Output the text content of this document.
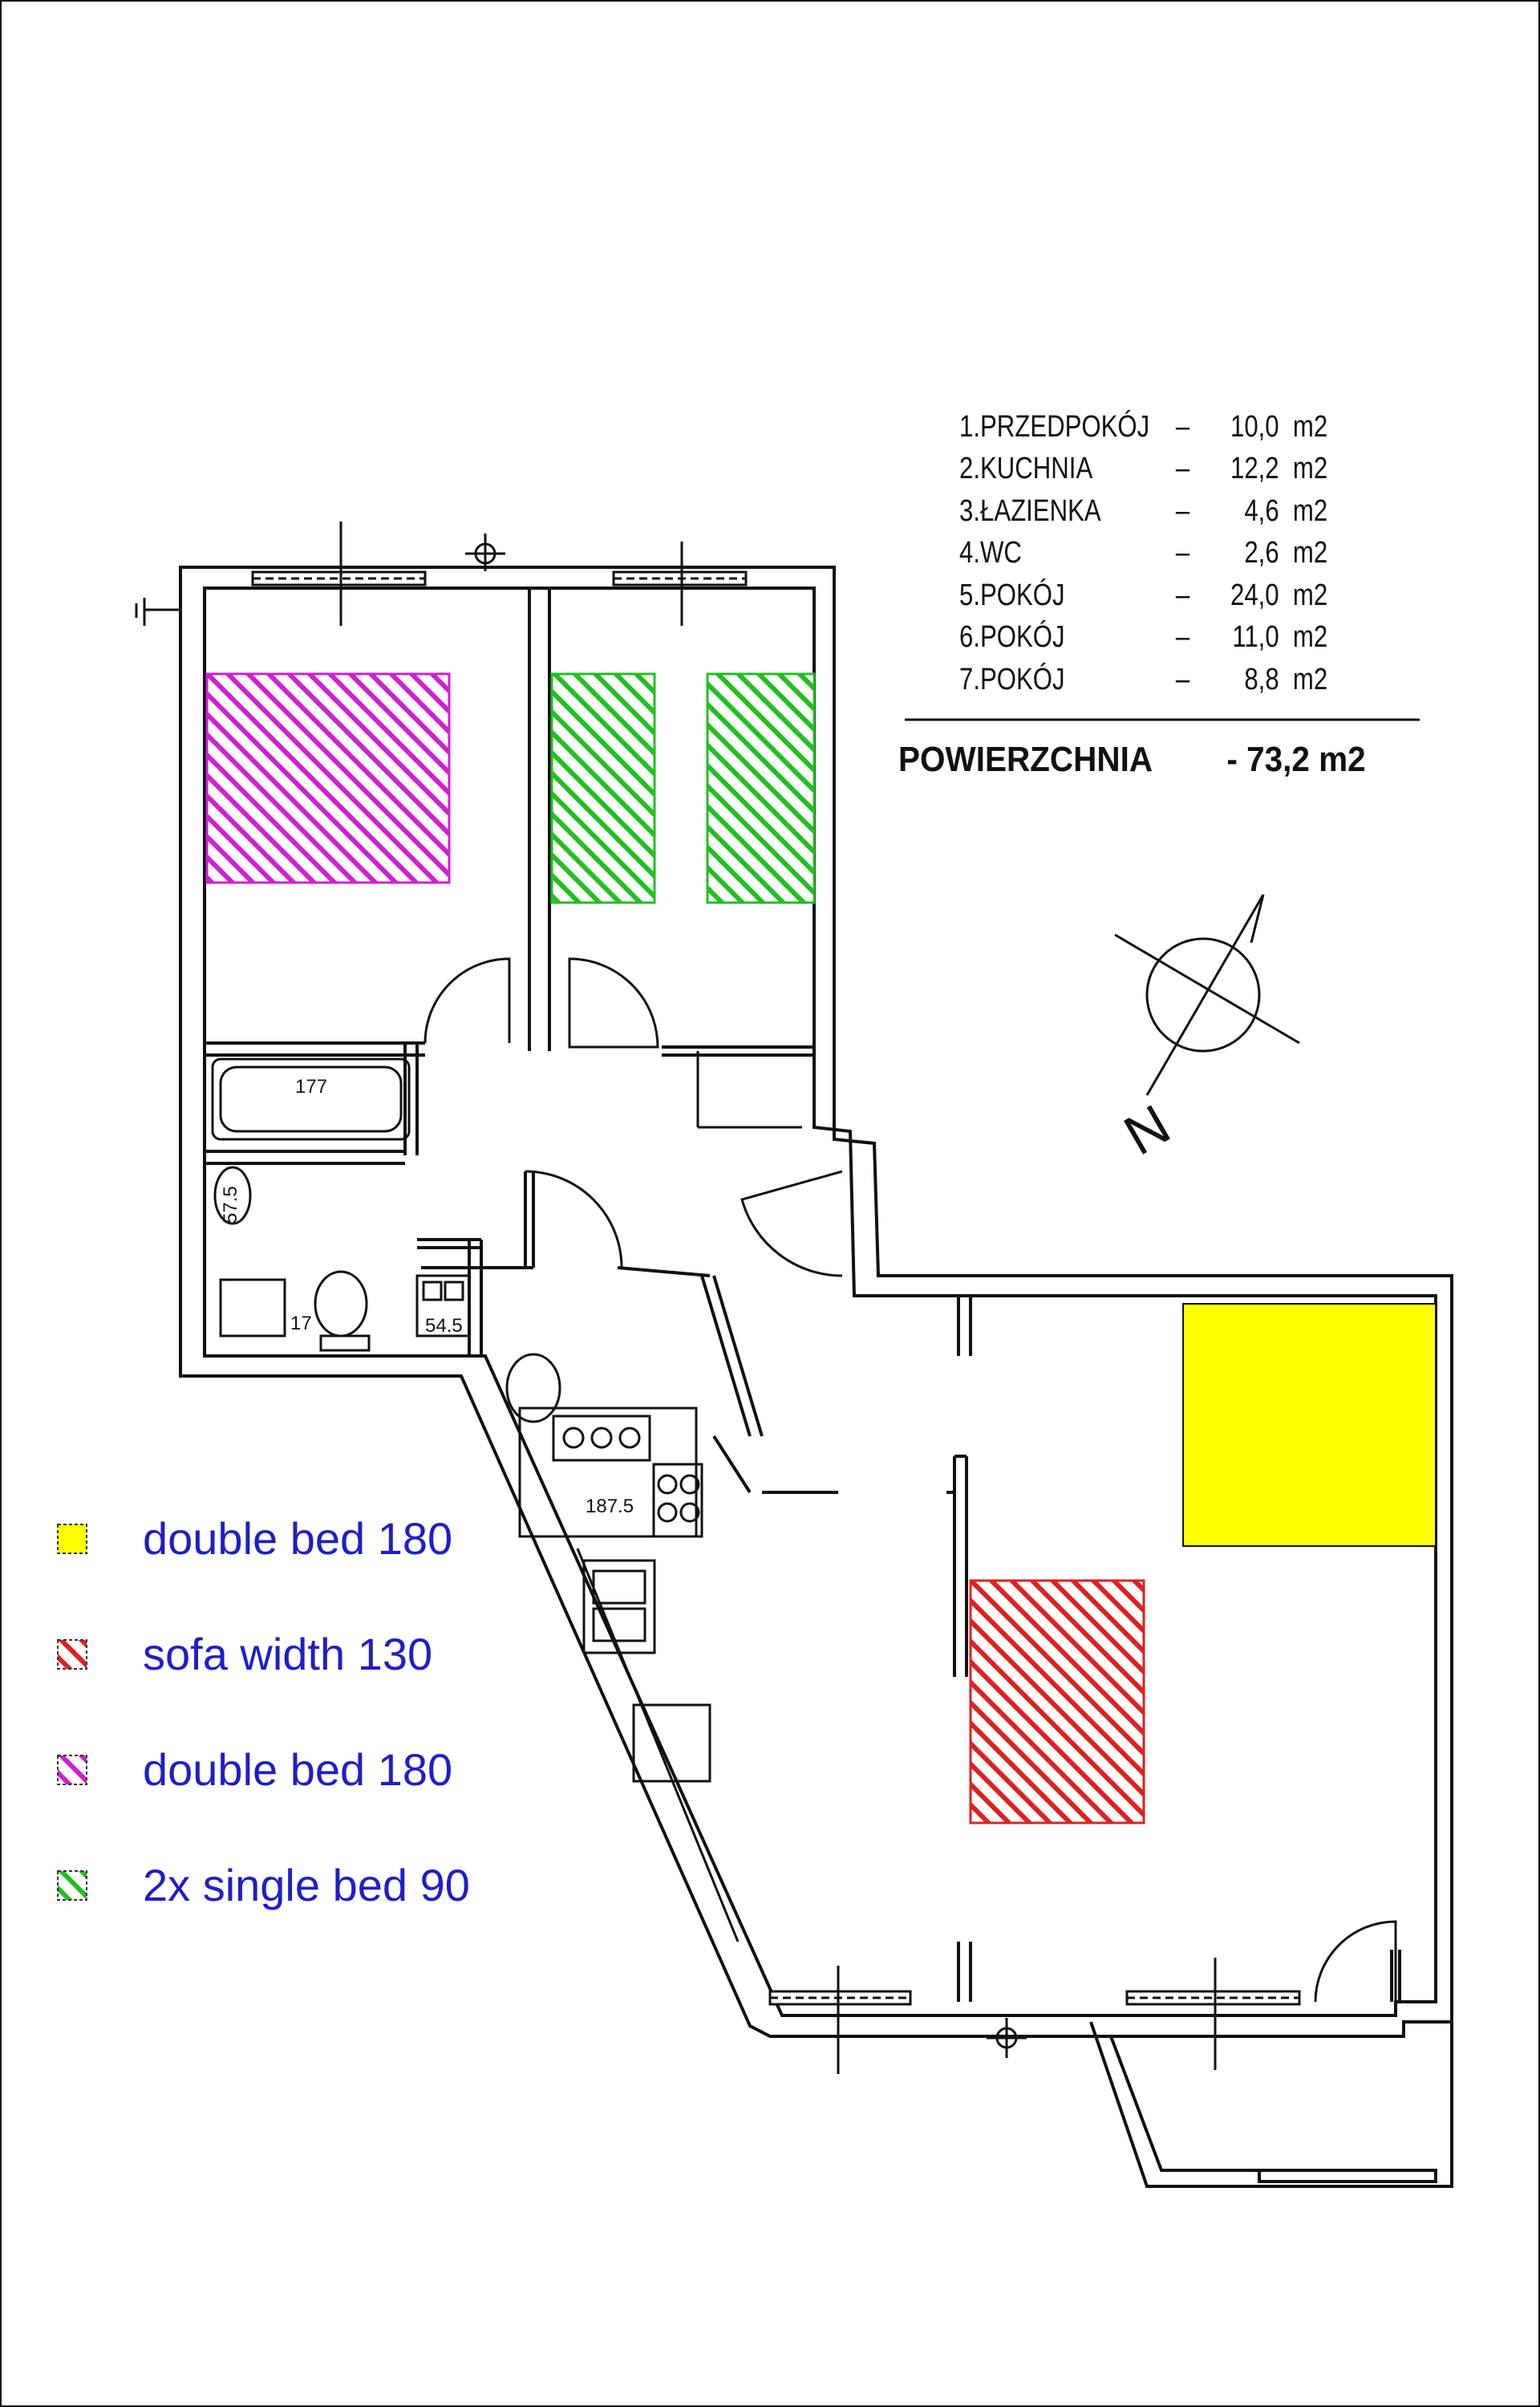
177
57.5
17	54.5
187.5
N
1.PRZEDPOKÓJ –	10,0 m2
2.KUCHNIA	–	12,2 m2
3.ŁAZIENKA	–	4,6 m2
4.WC	–	2,6 m2
5.POKÓJ	–	24,0 m2
6.POKÓJ	–	11,0 m2
7.POKÓJ	–	8,8 m2
POWIERZCHNIA	- 73,2 m2
double bed 180
sofa width 130
double bed 180
2x single bed 90
